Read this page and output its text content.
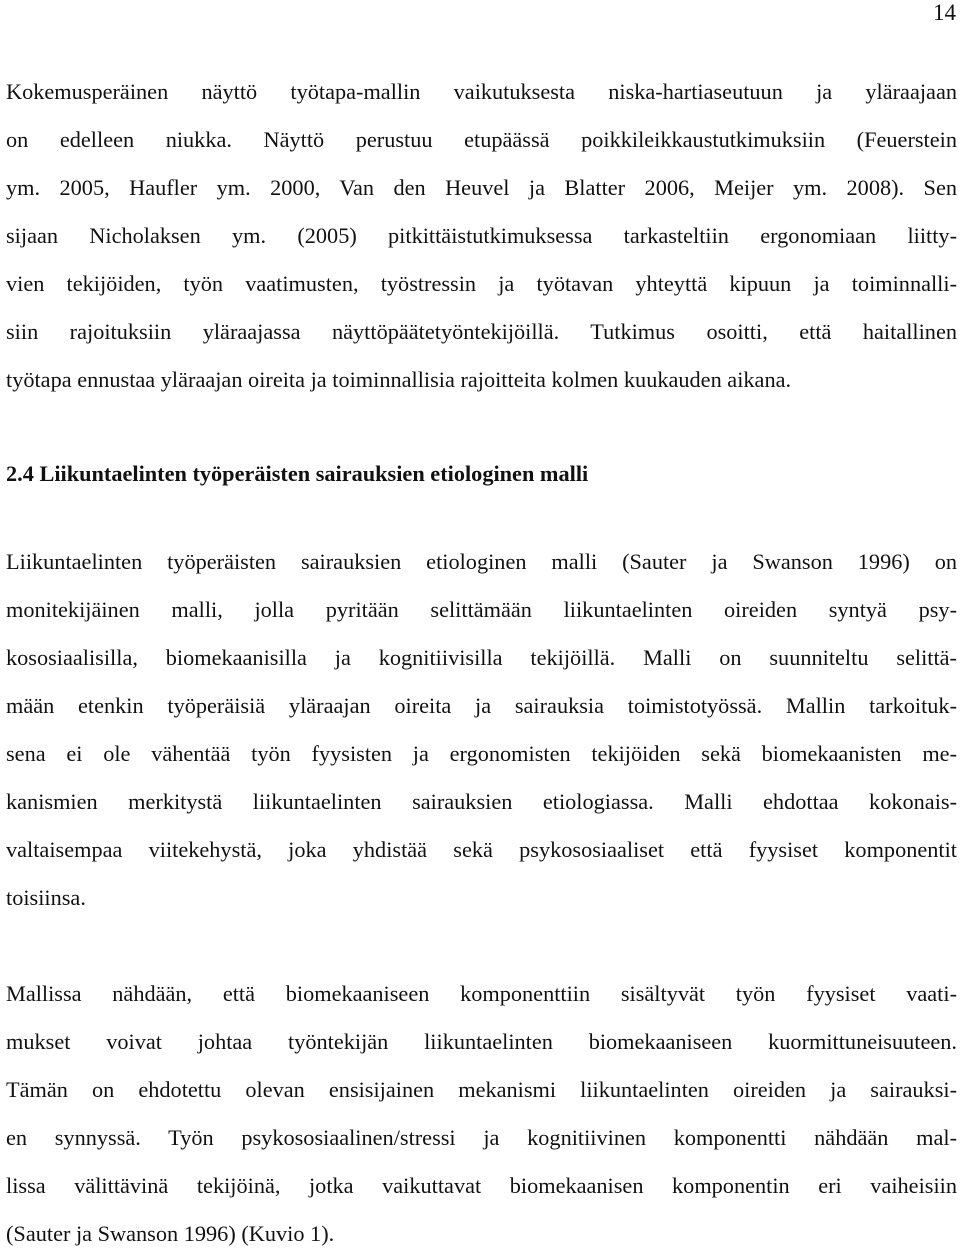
14

Kokemusperäinen näyttö työtapa-mallin vaikutuksesta niska-hartiaseutuun ja yläraajaan
on edelleen niukka. Näyttö perustuu etupäässä poikkileikkaustutkimuksiin (Feuerstein
ym. 2005, Haufler ym. 2000, Van den Heuvel ja Blatter 2006, Meijer ym. 2008). Sen
sijaan Nicholaksen ym. (2005) pitkittäistutkimuksessa tarkasteltiin ergonomiaan liitty-
vien tekijöiden, työn vaatimusten, työstressin ja työtavan yhteyttä kipuun ja toiminnalli-
siin rajoituksiin yläraajassa näyttöpäätetyöntekijöillä. Tutkimus osoitti, että haitallinen
työtapa ennustaa yläraajan oireita ja toiminnallisia rajoitteita kolmen kuukauden aikana.

2.4 Liikuntaelinten työperäisten sairauksien etiologinen malli

Liikuntaelinten työperäisten sairauksien etiologinen malli (Sauter ja Swanson 1996) on
monitekijäinen malli, jolla pyritään selittämään liikuntaelinten oireiden syntyä psy-
kososiaalisilla, biomekaanisilla ja kognitiivisilla tekijöillä. Malli on suunniteltu selittä-
mään etenkin työperäisiä yläraajan oireita ja sairauksia toimistotyössä. Mallin tarkoituk-
sena ei ole vähentää työn fyysisten ja ergonomisten tekijöiden sekä biomekaanisten me-
kanismien merkitystä liikuntaelinten sairauksien etiologiassa. Malli ehdottaa kokonais-
valtaisempaa viitekehystä, joka yhdistää sekä psykososiaaliset että fyysiset komponentit
toisiinsa.

Mallissa nähdään, että biomekaaniseen komponenttiin sisältyvät työn fyysiset vaati-
mukset voivat johtaa työntekijän liikuntaelinten biomekaaniseen kuormittuneisuuteen.
Tämän on ehdotettu olevan ensisijainen mekanismi liikuntaelinten oireiden ja sairauksi-
en synnyssä. Työn psykososiaalinen/stressi ja kognitiivinen komponentti nähdään mal-
lissa välittävinä tekijöinä, jotka vaikuttavat biomekaanisen komponentin eri vaiheisiin
(Sauter ja Swanson 1996) (Kuvio 1).
